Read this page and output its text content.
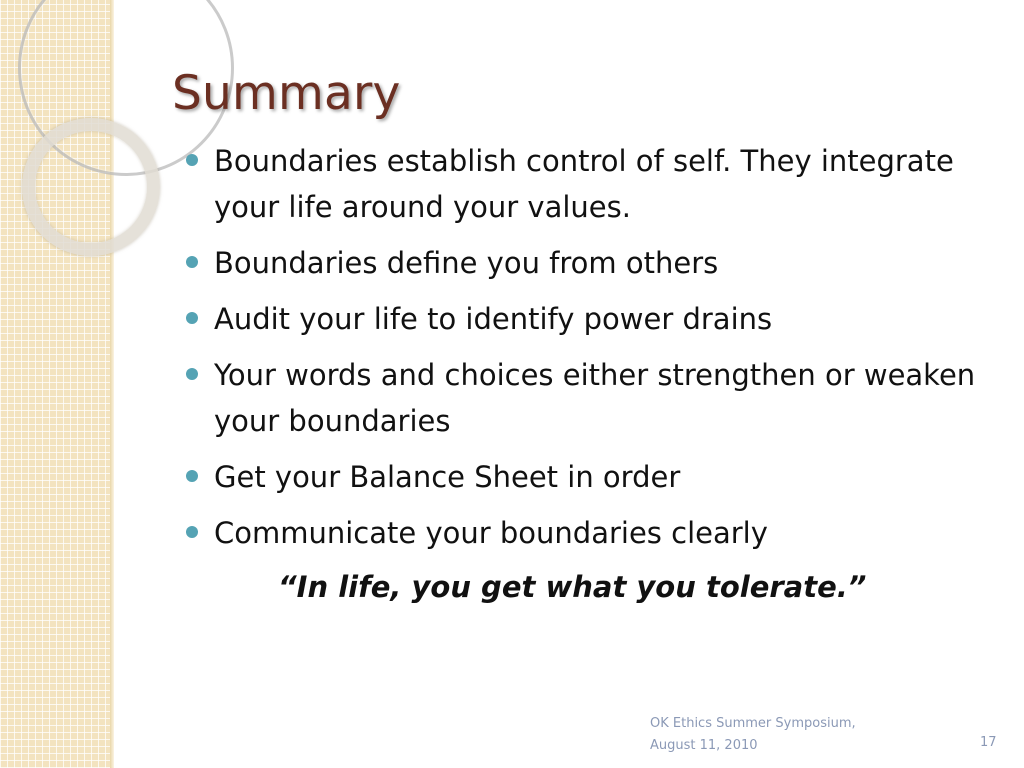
Summary
Boundaries establish control of self. They integrate your life around your values.
Boundaries define you from others
Audit your life to identify power drains
Your words and choices either strengthen or weaken your boundaries
Get your Balance Sheet in order
Communicate your boundaries clearly

“In life, you get what you tolerate.”

OK Ethics Summer Symposium,
August 11, 2010	17
